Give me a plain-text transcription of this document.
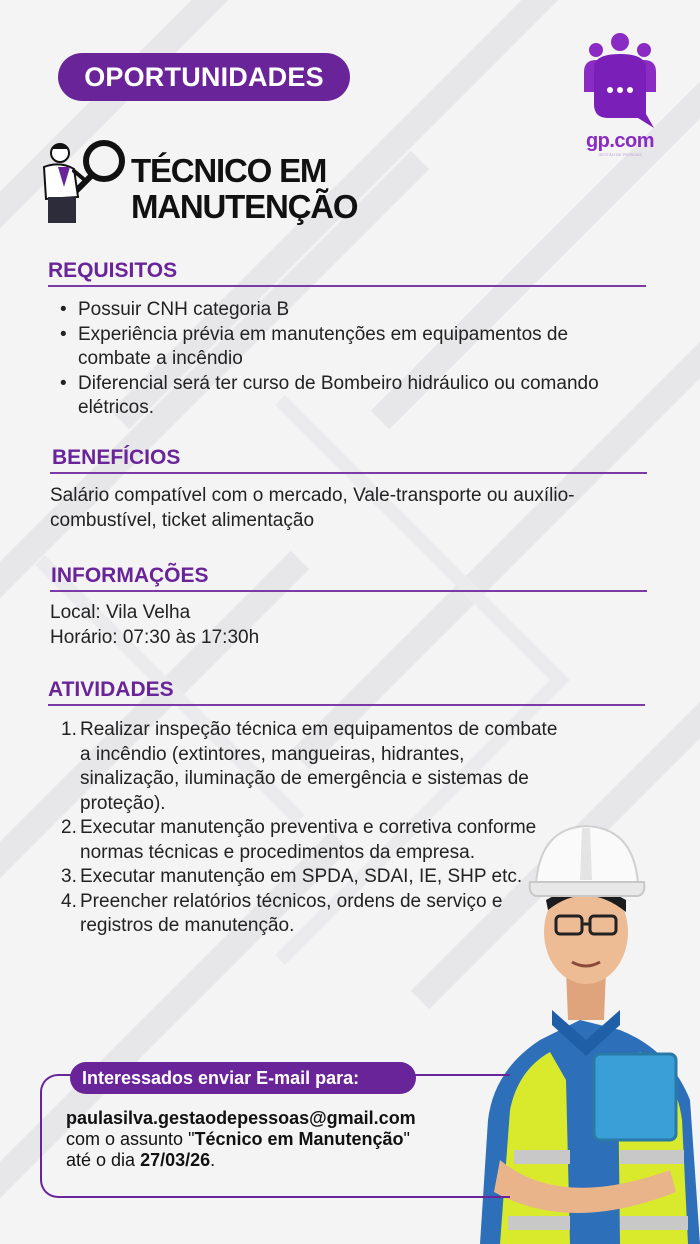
OPORTUNIDADES
gp.com
GESTÃO DE PESSOAS
TÉCNICO EM
MANUTENÇÃO
REQUISITOS
• Possuir CNH categoria B
• Experiência prévia em manutenções em equipamentos de combate a incêndio
• Diferencial será ter curso de Bombeiro hidráulico ou comando elétricos.
BENEFÍCIOS
Salário compatível com o mercado, Vale-transporte ou auxílio-combustível, ticket alimentação
INFORMAÇÕES
Local: Vila Velha
Horário: 07:30 às 17:30h
ATIVIDADES
1. Realizar inspeção técnica em equipamentos de combate a incêndio (extintores, mangueiras, hidrantes, sinalização, iluminação de emergência e sistemas de proteção).
2. Executar manutenção preventiva e corretiva conforme normas técnicas e procedimentos da empresa.
3. Executar manutenção em SPDA, SDAI, IE, SHP etc.
4. Preencher relatórios técnicos, ordens de serviço e registros de manutenção.
Interessados enviar E-mail para:
paulasilva.gestaodepessoas@gmail.com
com o assunto "Técnico em Manutenção"
até o dia 27/03/26.
